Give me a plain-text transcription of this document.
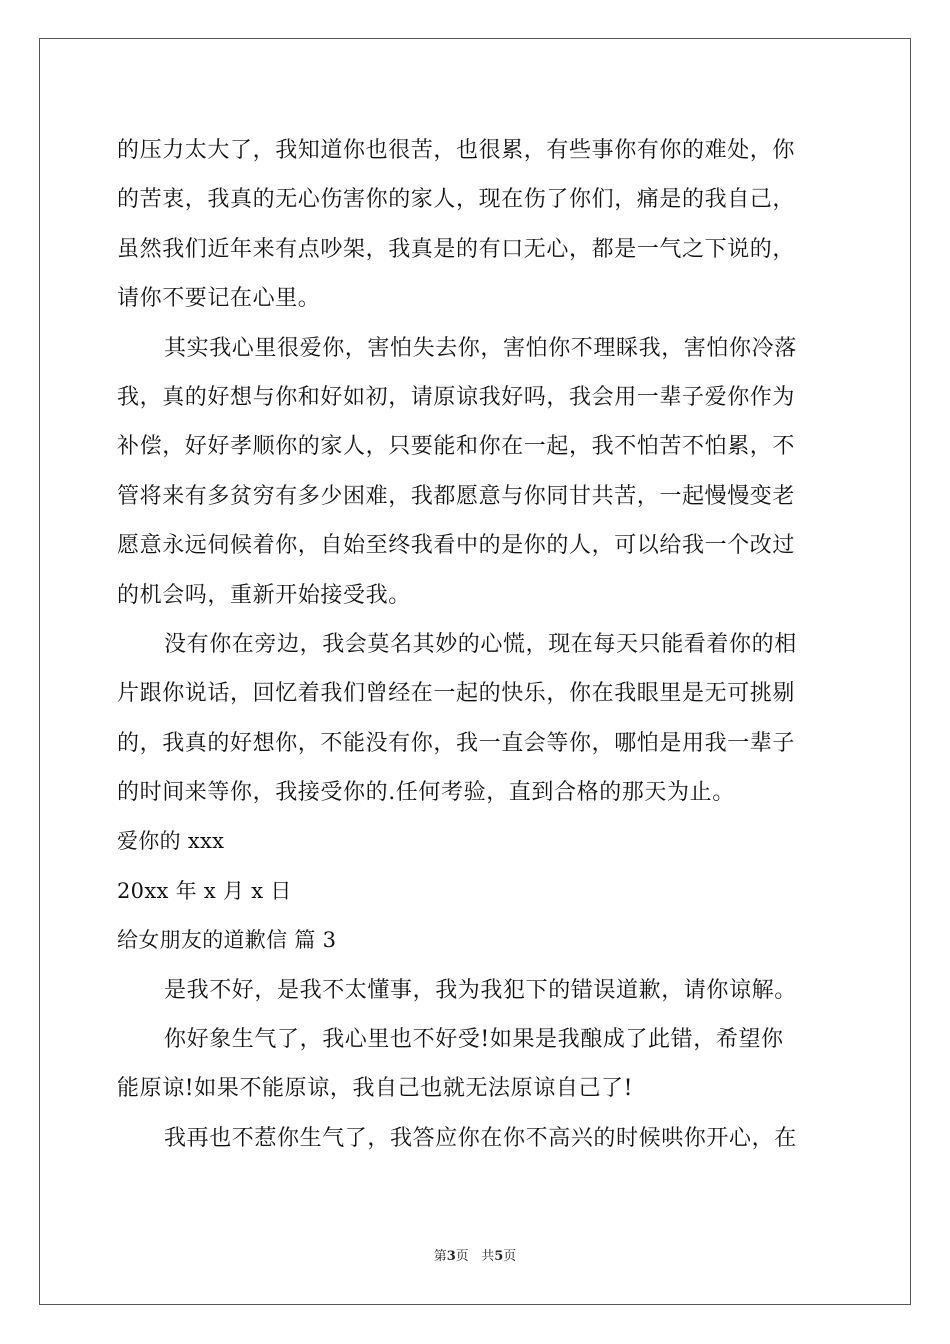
的压力太大了，我知道你也很苦，也很累，有些事你有你的难处，你
的苦衷，我真的无心伤害你的家人，现在伤了你们，痛是的我自己，
虽然我们近年来有点吵架，我真是的有口无心，都是一气之下说的，
请你不要记在心里。
其实我心里很爱你，害怕失去你，害怕你不理睬我，害怕你冷落
我，真的好想与你和好如初，请原谅我好吗，我会用一辈子爱你作为
补偿，好好孝顺你的家人，只要能和你在一起，我不怕苦不怕累，不
管将来有多贫穷有多少困难，我都愿意与你同甘共苦，一起慢慢变老
愿意永远伺候着你，自始至终我看中的是你的人，可以给我一个改过
的机会吗，重新开始接受我。
没有你在旁边，我会莫名其妙的心慌，现在每天只能看着你的相
片跟你说话，回忆着我们曾经在一起的快乐，你在我眼里是无可挑剔
的，我真的好想你，不能没有你，我一直会等你，哪怕是用我一辈子
的时间来等你，我接受你的.任何考验，直到合格的那天为止。
爱你的 xxx
20xx 年 x 月 x 日
给女朋友的道歉信 篇 3
是我不好，是我不太懂事，我为我犯下的错误道歉，请你谅解。
你好象生气了，我心里也不好受!如果是我酿成了此错，希望你
能原谅!如果不能原谅，我自己也就无法原谅自己了!
我再也不惹你生气了，我答应你在你不高兴的时候哄你开心，在
第3页   共5页
